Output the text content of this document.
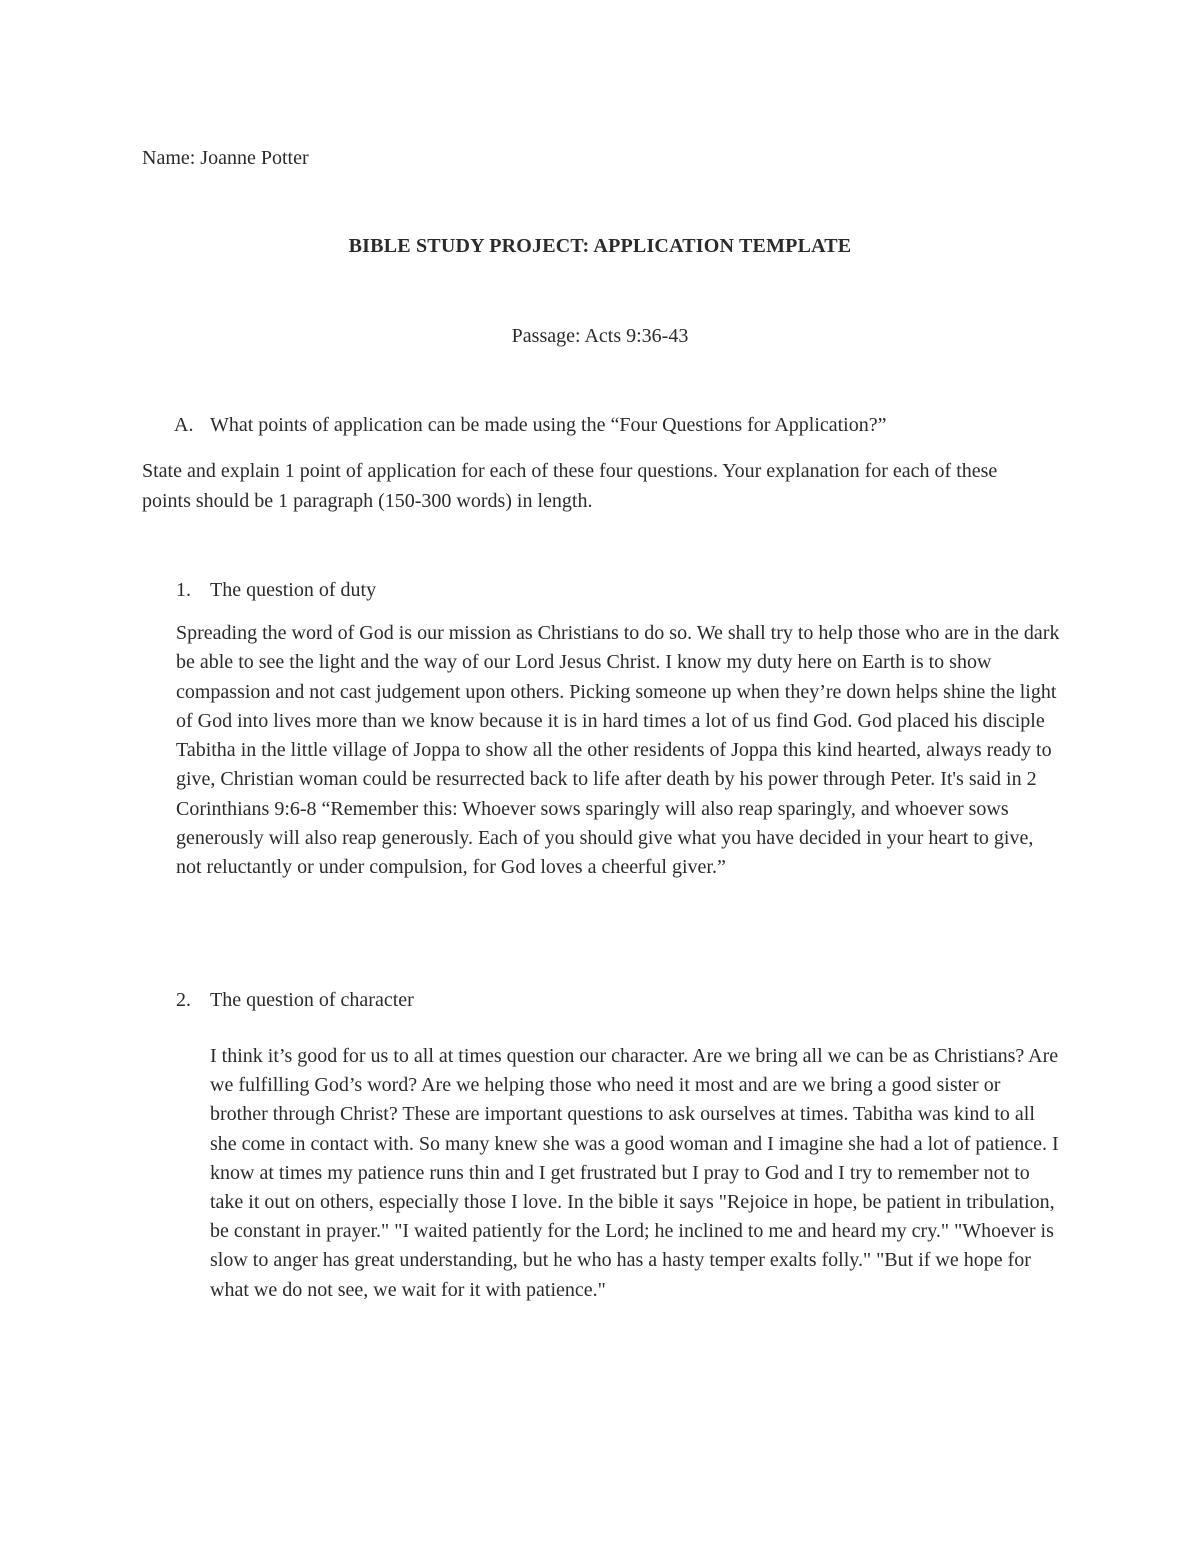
Name: Joanne Potter

BIBLE STUDY PROJECT: APPLICATION TEMPLATE

Passage: Acts 9:36-43

A. What points of application can be made using the “Four Questions for Application?”

State and explain 1 point of application for each of these four questions. Your explanation for each of these points should be 1 paragraph (150-300 words) in length.

1. The question of duty

Spreading the word of God is our mission as Christians to do so. We shall try to help those who are in the dark be able to see the light and the way of our Lord Jesus Christ. I know my duty here on Earth is to show compassion and not cast judgement upon others. Picking someone up when they’re down helps shine the light of God into lives more than we know because it is in hard times a lot of us find God. God placed his disciple Tabitha in the little village of Joppa to show all the other residents of Joppa this kind hearted, always ready to give, Christian woman could be resurrected back to life after death by his power through Peter. It's said in 2 Corinthians 9:6-8 “Remember this: Whoever sows sparingly will also reap sparingly, and whoever sows generously will also reap generously. Each of you should give what you have decided in your heart to give, not reluctantly or under compulsion, for God loves a cheerful giver.”

2. The question of character

I think it’s good for us to all at times question our character. Are we bring all we can be as Christians? Are we fulfilling God’s word? Are we helping those who need it most and are we bring a good sister or brother through Christ? These are important questions to ask ourselves at times. Tabitha was kind to all she come in contact with. So many knew she was a good woman and I imagine she had a lot of patience. I know at times my patience runs thin and I get frustrated but I pray to God and I try to remember not to take it out on others, especially those I love. In the bible it says "Rejoice in hope, be patient in tribulation, be constant in prayer." "I waited patiently for the Lord; he inclined to me and heard my cry." "Whoever is slow to anger has great understanding, but he who has a hasty temper exalts folly." "But if we hope for what we do not see, we wait for it with patience."
